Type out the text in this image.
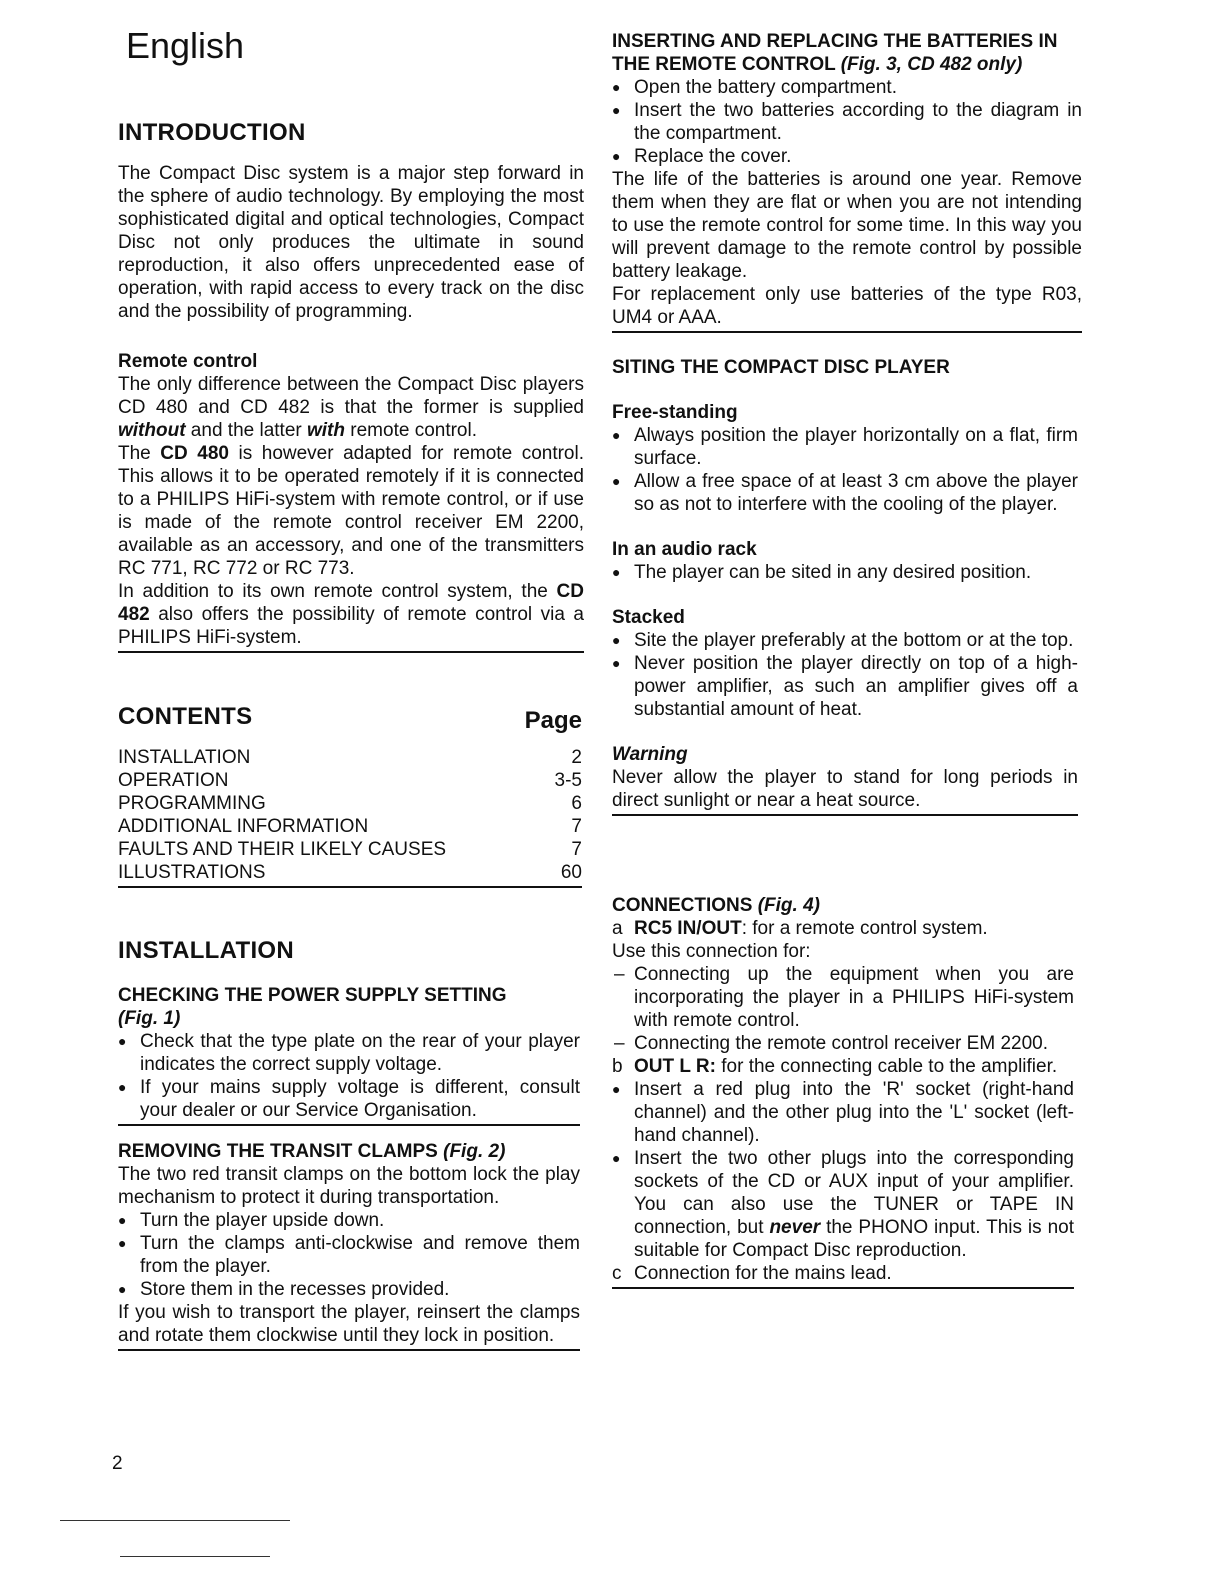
English
INTRODUCTION

The Compact Disc system is a major step forward in the sphere of audio technology. By employing the most sophisticated digital and optical technologies, Compact Disc not only produces the ultimate in sound reproduction, it also offers unprecedented ease of operation, with rapid access to every track on the disc and the possibility of programming.

Remote control

The only difference between the Compact Disc players CD 480 and CD 482 is that the former is supplied without and the latter with remote control.

The CD 480 is however adapted for remote control. This allows it to be operated remotely if it is connected to a PHILIPS HiFi-system with remote control, or if use is made of the remote control receiver EM 2200, available as an accessory, and one of the transmitters RC 771, RC 772 or RC 773.

In addition to its own remote control system, the CD 482 also offers the possibility of remote control via a PHILIPS HiFi-system.

CONTENTS	Page
INSTALLATION	2
OPERATION	3-5
PROGRAMMING	6
ADDITIONAL INFORMATION	7
FAULTS AND THEIR LIKELY CAUSES	7
ILLUSTRATIONS	60
INSTALLATION
CHECKING THE POWER SUPPLY SETTING
(Fig. 1)
● Check that the type plate on the rear of your player indicates the correct supply voltage.
● If your mains supply voltage is different, consult your dealer or our Service Organisation.
REMOVING THE TRANSIT CLAMPS (Fig. 2)

The two red transit clamps on the bottom lock the play mechanism to protect it during transportation.

● Turn the player upside down.
● Turn the clamps anti-clockwise and remove them from the player.
● Store them in the recesses provided.

If you wish to transport the player, reinsert the clamps and rotate them clockwise until they lock in position.

INSERTING AND REPLACING THE BATTERIES IN THE REMOTE CONTROL (Fig. 3, CD 482 only)
● Open the battery compartment.
● Insert the two batteries according to the diagram in the compartment.
● Replace the cover.

The life of the batteries is around one year. Remove them when they are flat or when you are not intending to use the remote control for some time. In this way you will prevent damage to the remote control by possible battery leakage.

For replacement only use batteries of the type R03, UM4 or AAA.

SITING THE COMPACT DISC PLAYER
Free-standing
● Always position the player horizontally on a flat, firm surface.
● Allow a free space of at least 3 cm above the player so as not to interfere with the cooling of the player.
In an audio rack
● The player can be sited in any desired position.
Stacked
● Site the player preferably at the bottom or at the top.
● Never position the player directly on top of a high-power amplifier, as such an amplifier gives off a substantial amount of heat.
Warning

Never allow the player to stand for long periods in direct sunlight or near a heat source.

CONNECTIONS (Fig. 4)
a RC5 IN/OUT: for a remote control system.

Use this connection for:

– Connecting up the equipment when you are incorporating the player in a PHILIPS HiFi-system with remote control.
– Connecting the remote control receiver EM 2200.
b OUT L R: for the connecting cable to the amplifier.
● Insert a red plug into the 'R' socket (right-hand channel) and the other plug into the 'L' socket (left-hand channel).
● Insert the two other plugs into the corresponding sockets of the CD or AUX input of your amplifier. You can also use the TUNER or TAPE IN connection, but never the PHONO input. This is not suitable for Compact Disc reproduction.
c Connection for the mains lead.
2
